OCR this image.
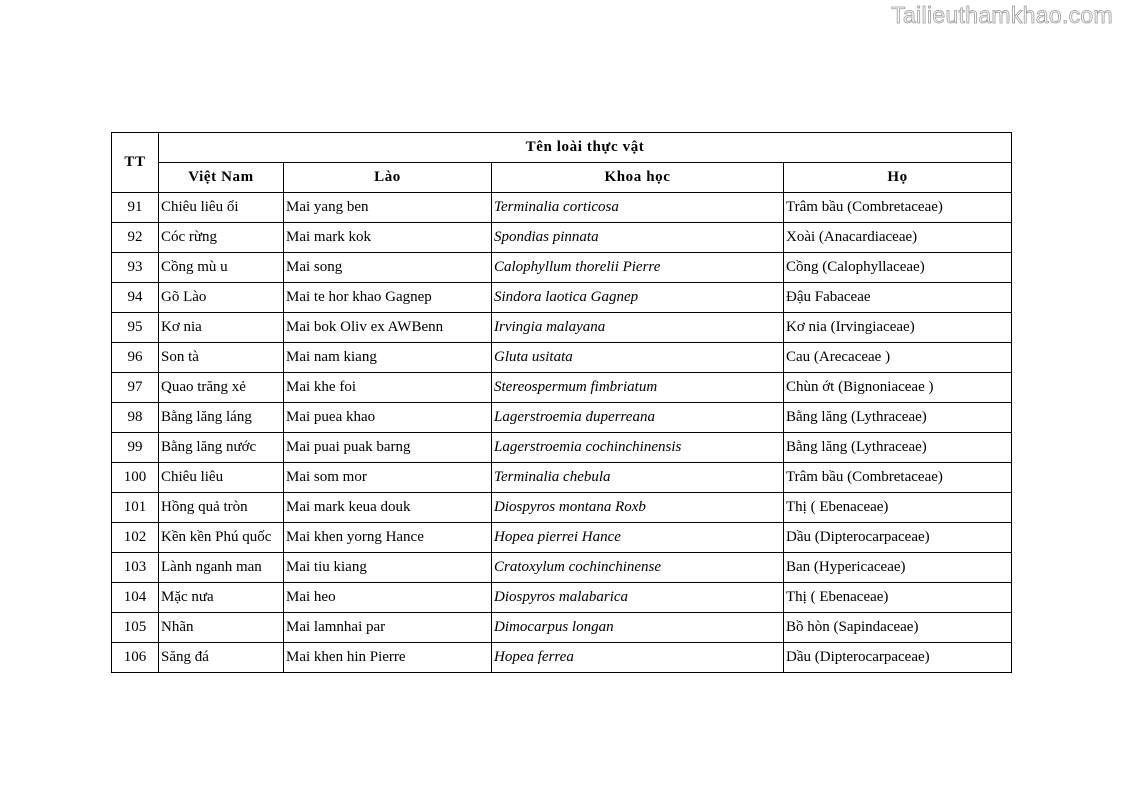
Tailieuthamkhao.com
TT	Tên loài thực vật			
	Việt Nam	Lào	Khoa học	Họ
91	Chiêu liêu ổi	Mai yang ben	Terminalia corticosa	Trâm bầu (Combretaceae)
92	Cóc rừng	Mai mark kok	Spondias pinnata	Xoài (Anacardiaceae)
93	Cồng mù u	Mai song	Calophyllum thorelii Pierre	Cồng (Calophyllaceae)
94	Gõ Lào	Mai te hor khao Gagnep	Sindora laotica Gagnep	Đậu Fabaceae
95	Kơ nia	Mai bok Oliv ex AWBenn	Irvingia malayana	Kơ nia (Irvingiaceae)
96	Son tà	Mai nam kiang	Gluta usitata	Cau (Arecaceae )
97	Quao trăng xẻ	Mai khe foi	Stereospermum fimbriatum	Chùn ớt (Bignoniaceae )
98	Bằng lăng láng	Mai puea khao	Lagerstroemia duperreana	Bằng lăng (Lythraceae)
99	Bằng lăng nước	Mai puai puak barng	Lagerstroemia cochinchinensis	Bằng lăng (Lythraceae)
100	Chiêu liêu	Mai som mor	Terminalia chebula	Trâm bầu (Combretaceae)
101	Hồng quả tròn	Mai mark keua douk	Diospyros montana Roxb	Thị ( Ebenaceae)
102	Kền kền Phú quốc	Mai khen yorng Hance	Hopea pierrei Hance	Dầu (Dipterocarpaceae)
103	Lành nganh man	Mai tiu kiang	Cratoxylum cochinchinense	Ban (Hypericaceae)
104	Mặc nưa	Mai heo	Diospyros malabarica	Thị ( Ebenaceae)
105	Nhãn	Mai lamnhai par	Dimocarpus longan	Bồ hòn (Sapindaceae)
106	Săng đá	Mai khen hin Pierre	Hopea ferrea	Dầu (Dipterocarpaceae)
